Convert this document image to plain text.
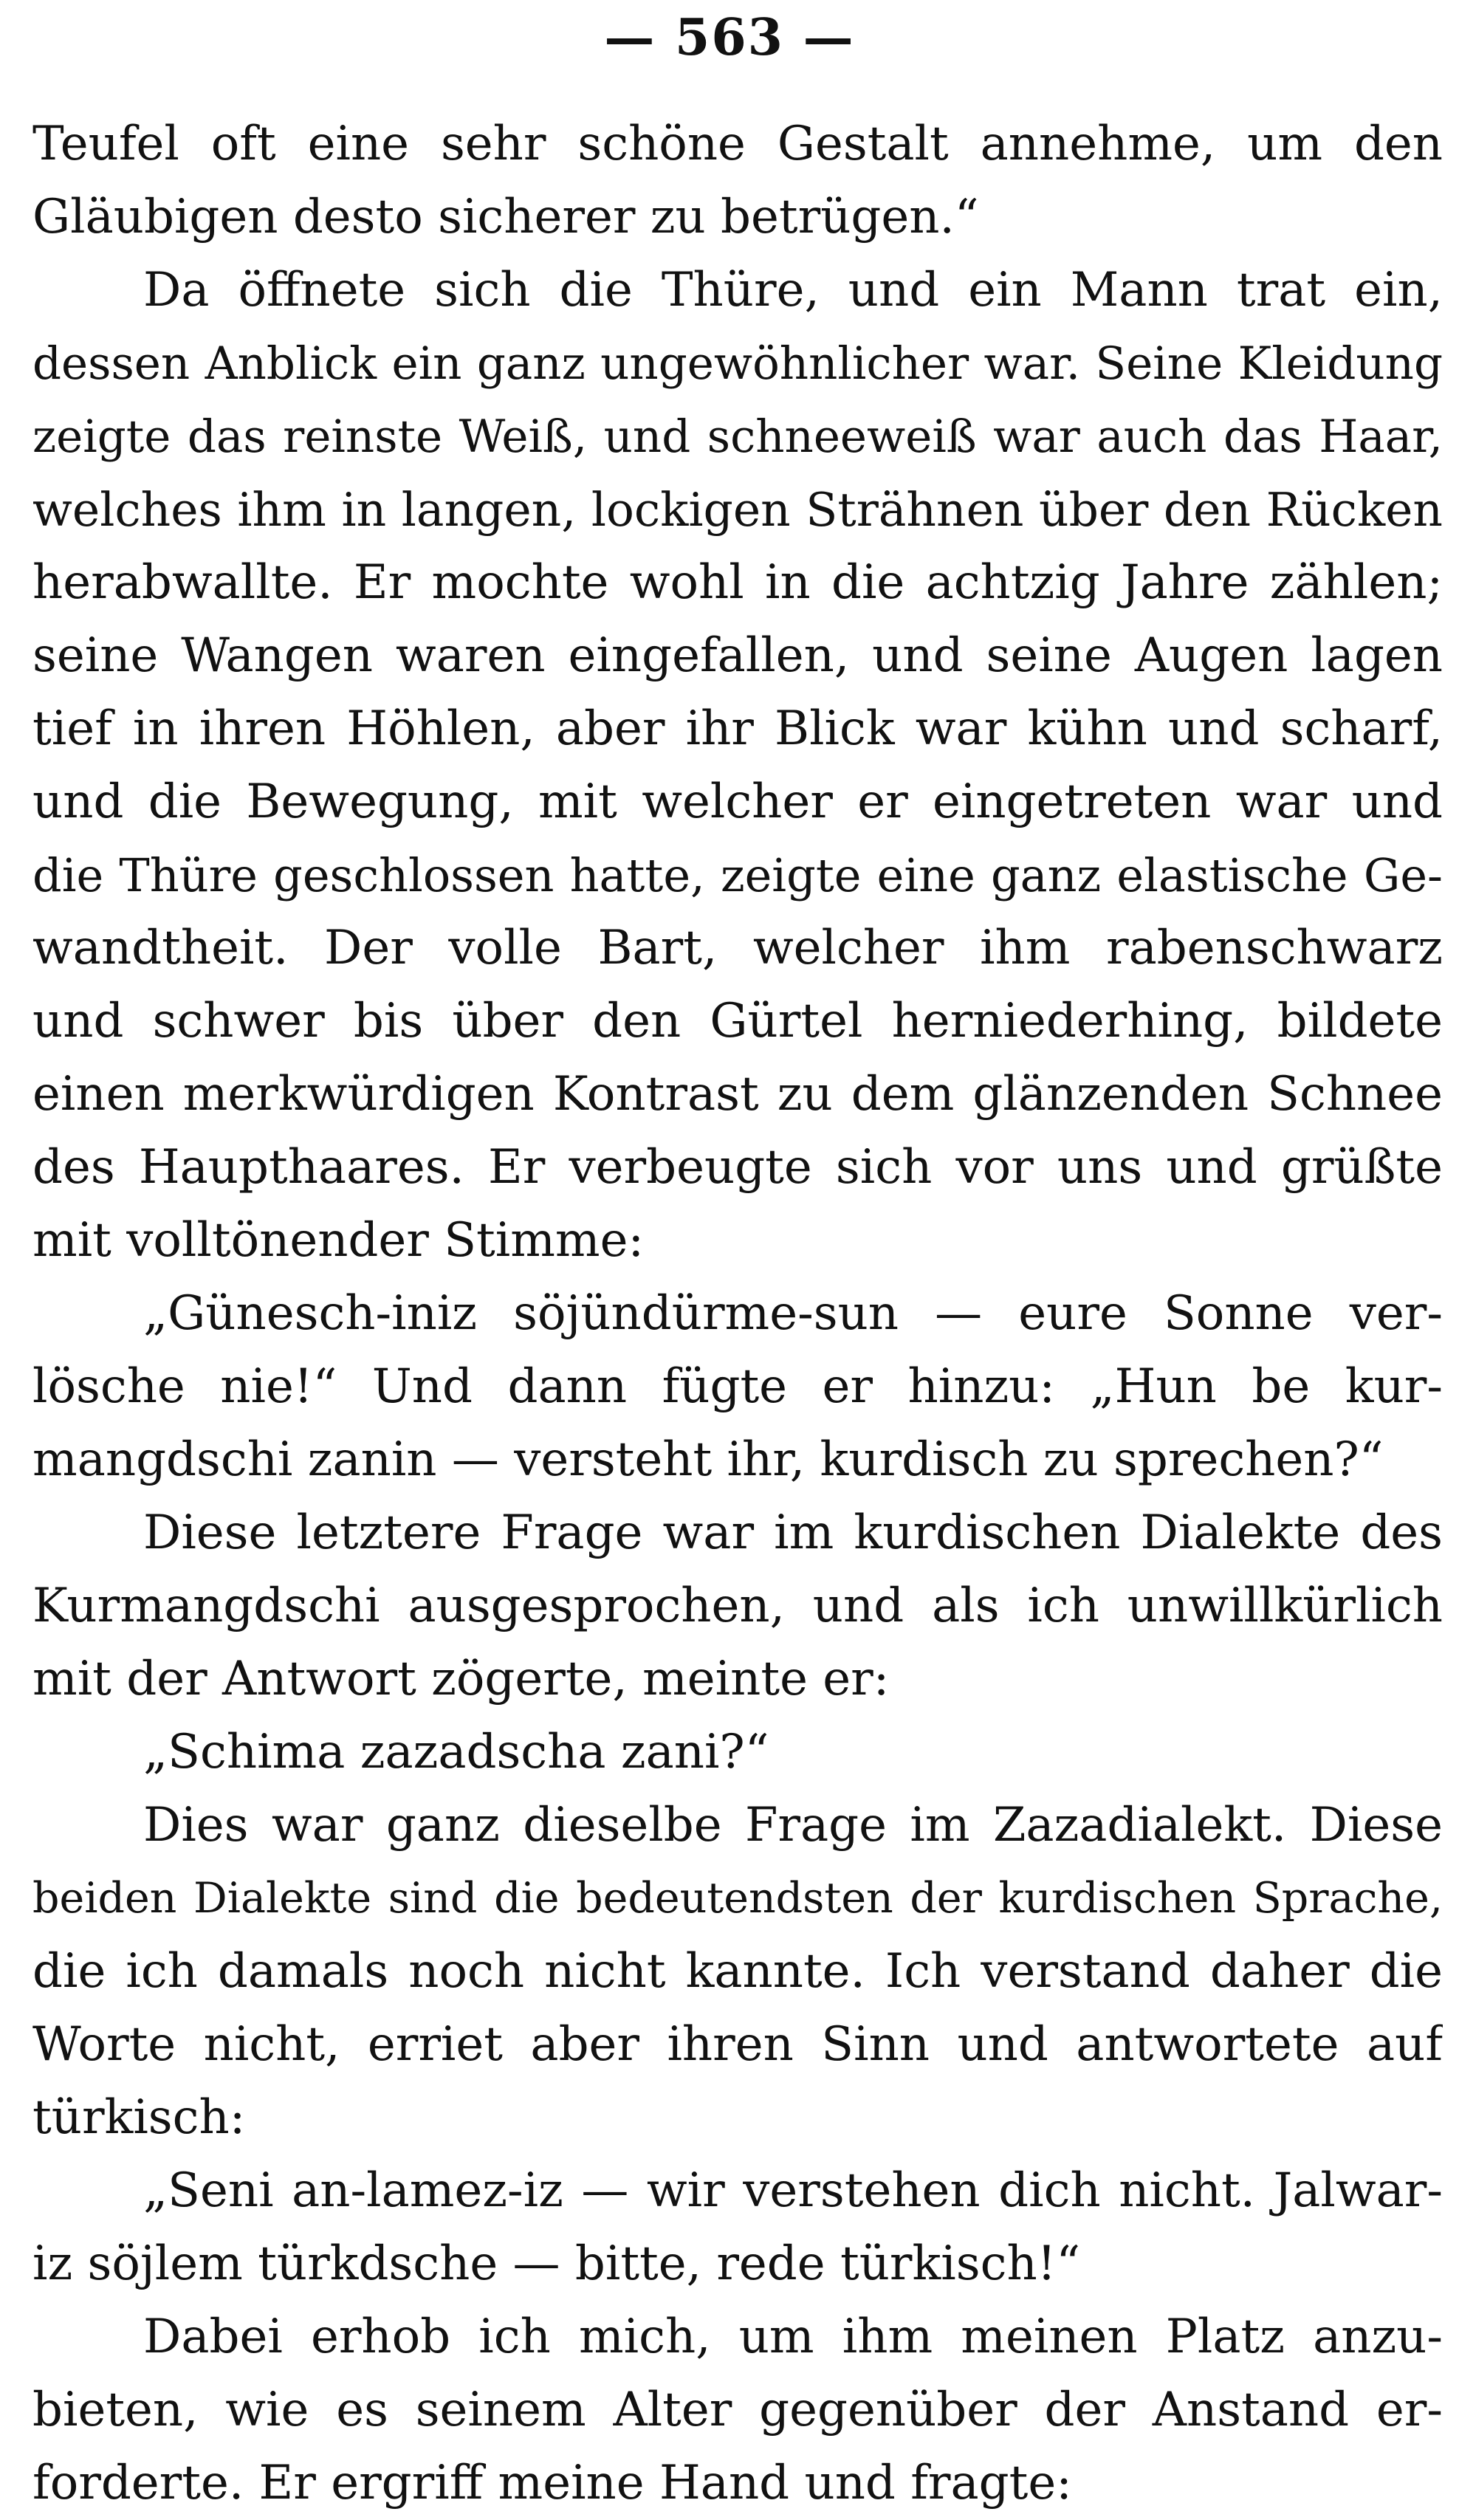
— 563 —
Teufel oft eine sehr schöne Gestalt annehme, um den
Gläubigen desto sicherer zu betrügen.“
Da öffnete sich die Thüre, und ein Mann trat ein,
dessen Anblick ein ganz ungewöhnlicher war. Seine Kleidung
zeigte das reinste Weiß, und schneeweiß war auch das Haar,
welches ihm in langen, lockigen Strähnen über den Rücken
herabwallte. Er mochte wohl in die achtzig Jahre zählen;
seine Wangen waren eingefallen, und seine Augen lagen
tief in ihren Höhlen, aber ihr Blick war kühn und scharf,
und die Bewegung, mit welcher er eingetreten war und
die Thüre geschlossen hatte, zeigte eine ganz elastische Ge-
wandtheit. Der volle Bart, welcher ihm rabenschwarz
und schwer bis über den Gürtel herniederhing, bildete
einen merkwürdigen Kontrast zu dem glänzenden Schnee
des Haupthaares. Er verbeugte sich vor uns und grüßte
mit volltönender Stimme:
„Günesch-iniz söjündürme-sun — eure Sonne ver-
lösche nie!“ Und dann fügte er hinzu: „Hun be kur-
mangdschi zanin — versteht ihr, kurdisch zu sprechen?“
Diese letztere Frage war im kurdischen Dialekte des
Kurmangdschi ausgesprochen, und als ich unwillkürlich
mit der Antwort zögerte, meinte er:
„Schima zazadscha zani?“
Dies war ganz dieselbe Frage im Zazadialekt. Diese
beiden Dialekte sind die bedeutendsten der kurdischen Sprache,
die ich damals noch nicht kannte. Ich verstand daher die
Worte nicht, erriet aber ihren Sinn und antwortete auf
türkisch:
„Seni an-lamez-iz — wir verstehen dich nicht. Jalwar-
iz söjlem türkdsche — bitte, rede türkisch!“
Dabei erhob ich mich, um ihm meinen Platz anzu-
bieten, wie es seinem Alter gegenüber der Anstand er-
forderte. Er ergriff meine Hand und fragte:
